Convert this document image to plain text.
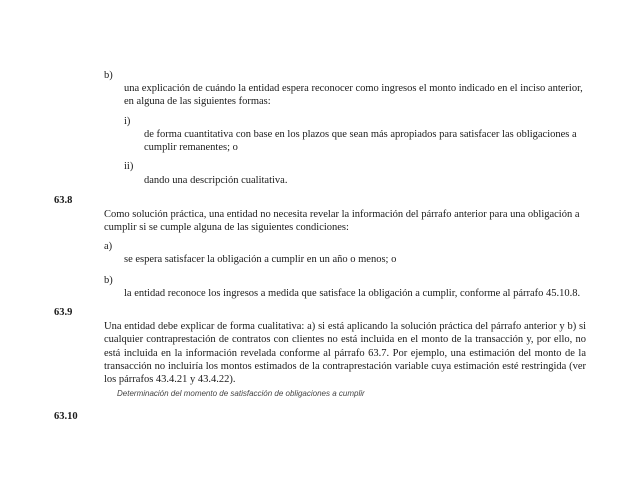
b)
una explicación de cuándo la entidad espera reconocer como ingresos el monto indicado en el inciso anterior, en alguna de las siguientes formas:
i)
de forma cuantitativa con base en los plazos que sean más apropiados para satisfacer las obligaciones a cumplir remanentes; o
ii)
dando una descripción cualitativa.
63.8
Como solución práctica, una entidad no necesita revelar la información del párrafo anterior para una obligación a cumplir si se cumple alguna de las siguientes condiciones:
a)
se espera satisfacer la obligación a cumplir en un año o menos; o
b)
la entidad reconoce los ingresos a medida que satisface la obligación a cumplir, conforme al párrafo 45.10.8.
63.9
Una entidad debe explicar de forma cualitativa: a) si está aplicando la solución práctica del párrafo anterior y b) si cualquier contraprestación de contratos con clientes no está incluida en el monto de la transacción y, por ello, no está incluida en la información revelada conforme al párrafo 63.7. Por ejemplo, una estimación del monto de la transacción no incluiría los montos estimados de la contraprestación variable cuya estimación esté restringida (ver los párrafos 43.4.21 y 43.4.22).
Determinación del momento de satisfacción de obligaciones a cumplir
63.10
